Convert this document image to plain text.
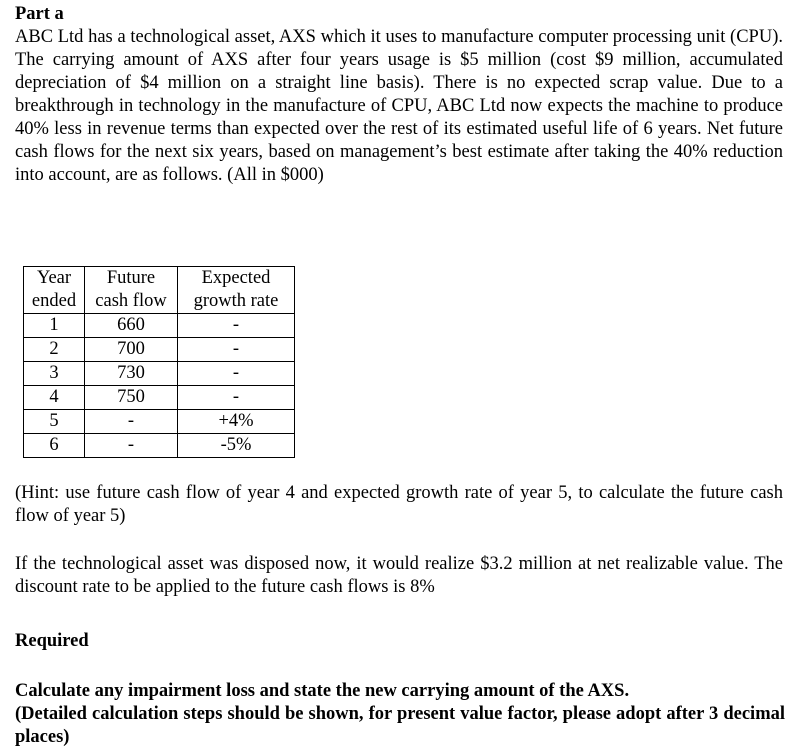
Part a

ABC Ltd has a technological asset, AXS which it uses to manufacture computer processing unit (CPU). The carrying amount of AXS after four years usage is $5 million (cost $9 million, accumulated depreciation of $4 million on a straight line basis). There is no expected scrap value. Due to a breakthrough in technology in the manufacture of CPU, ABC Ltd now expects the machine to produce 40% less in revenue terms than expected over the rest of its estimated useful life of 6 years. Net future cash flows for the next six years, based on management’s best estimate after taking the 40% reduction into account, are as follows. (All in $000)

Year ended	Future cash flow	Expected growth rate
1	660	-
2	700	-
3	730	-
4	750	-
5	-	+4%
6	-	-5%

(Hint: use future cash flow of year 4 and expected growth rate of year 5, to calculate the future cash flow of year 5)

If the technological asset was disposed now, it would realize $3.2 million at net realizable value. The discount rate to be applied to the future cash flows is 8%

Required

Calculate any impairment loss and state the new carrying amount of the AXS.
(Detailed calculation steps should be shown, for present value factor, please adopt after 3 decimal places)
